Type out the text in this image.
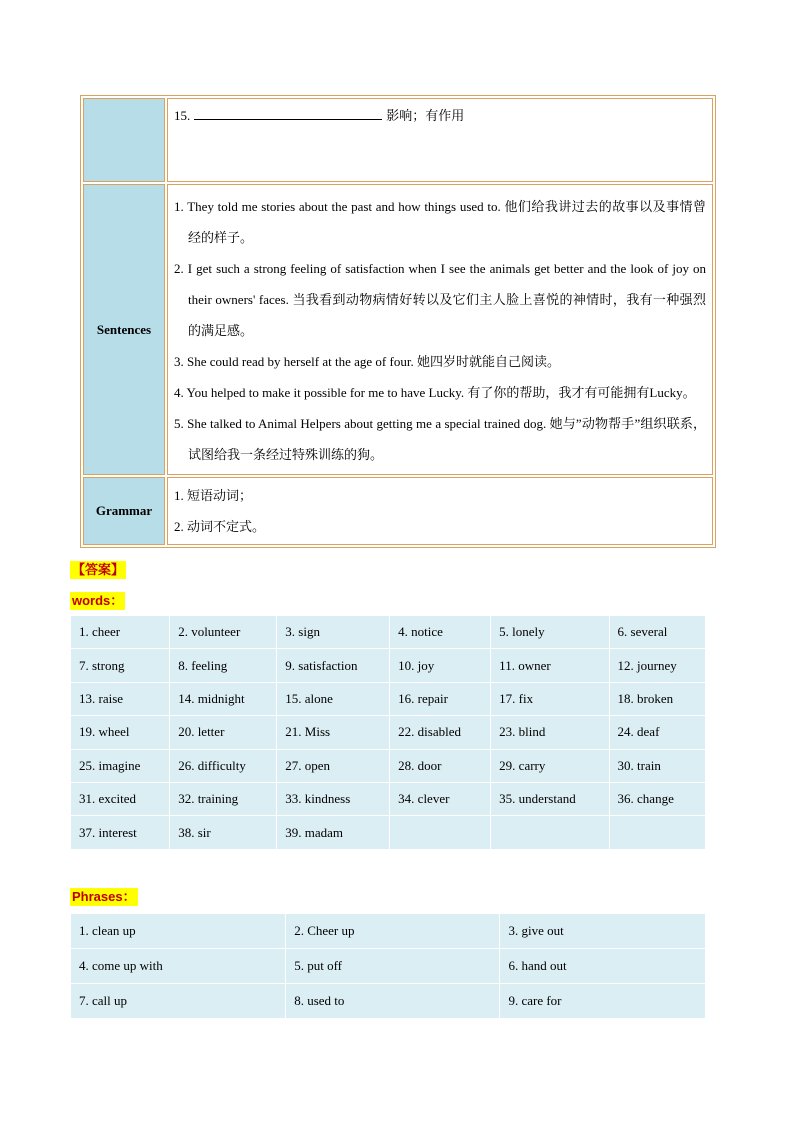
	15. 影响；有作用
Sentences	1. They told me stories about the past and how things used to. 他们给我讲过去的故事以及事情曾经的样子。

2. I get such a strong feeling of satisfaction when I see the animals get better and the look of joy on their owners' faces. 当我看到动物病情好转以及它们主人脸上喜悦的神情时，我有一种强烈的满足感。

3. She could read by herself at the age of four. 她四岁时就能自己阅读。

4. You helped to make it possible for me to have Lucky. 有了你的帮助，我才有可能拥有Lucky。

5. She talked to Animal Helpers about getting me a special trained dog. 她与”动物帮手”组织联系，试图给我一条经过特殊训练的狗。

Grammar	1. 短语动词；

2. 动词不定式。

【答案】
words：
1. cheer	2. volunteer	3. sign	4. notice	5. lonely	6. several
7. strong	8. feeling	9. satisfaction	10. joy	11. owner	12. journey
13. raise	14. midnight	15. alone	16. repair	17. fix	18. broken
19. wheel	20. letter	21. Miss	22. disabled	23. blind	24. deaf
25. imagine	26. difficulty	27. open	28. door	29. carry	30. train
31. excited	32. training	33. kindness	34. clever	35. understand	36. change
37. interest	38. sir	39. madam			
Phrases：
1. clean up	2. Cheer up	3. give out
4. come up with	5. put off	6. hand out
7. call up	8. used to	9. care for
